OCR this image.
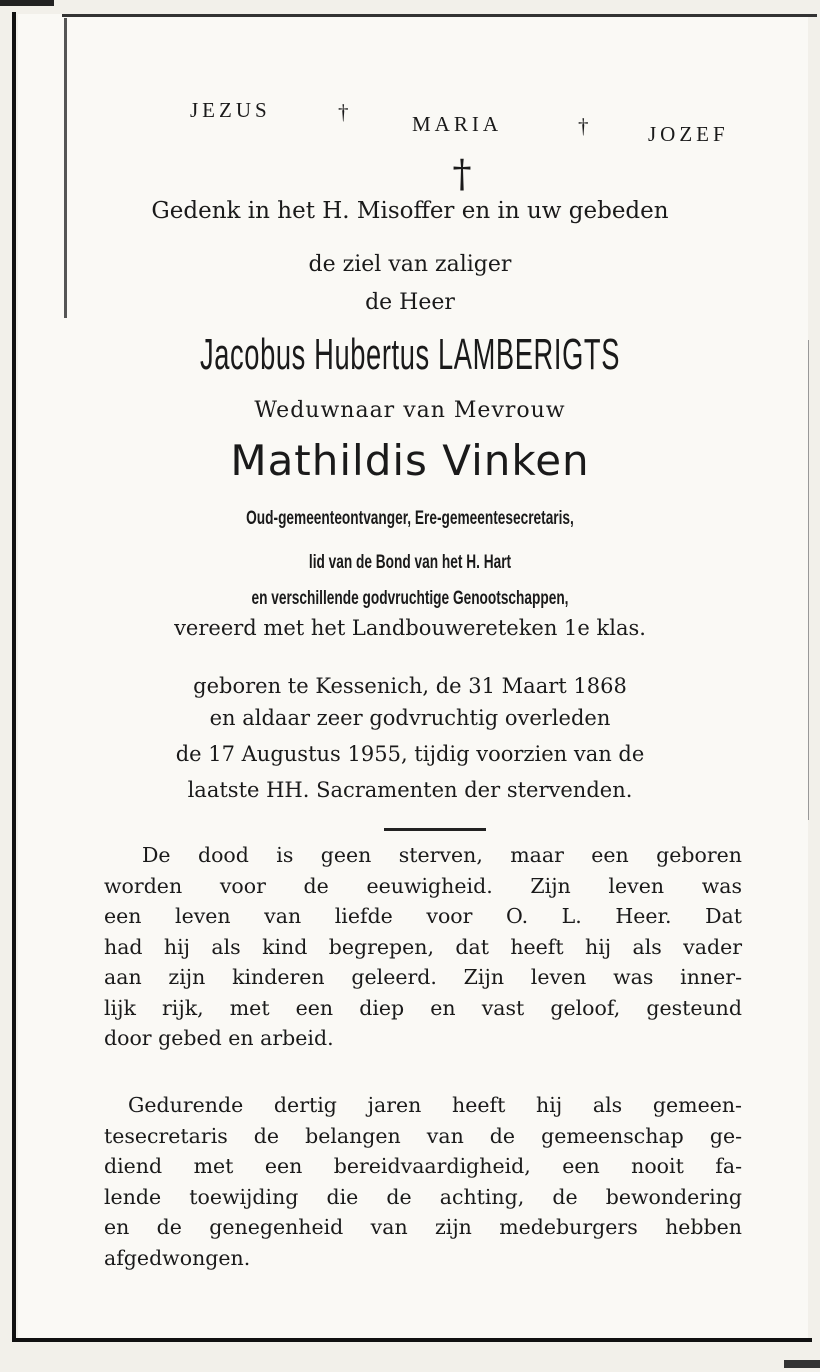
JEZUS	†	MARIA	†	JOZEF
†
Gedenk in het H. Misoffer en in uw gebeden
de ziel van zaliger
de Heer
Jacobus Hubertus LAMBERIGTS
Weduwnaar van Mevrouw
Mathildis Vinken
Oud-gemeenteontvanger, Ere-gemeentesecretaris,
lid van de Bond van het H. Hart
en verschillende godvruchtige Genootschappen,
vereerd met het Landbouwereteken 1e klas.
geboren te Kessenich, de 31 Maart 1868
en aldaar zeer godvruchtig overleden
de 17 Augustus 1955, tijdig voorzien van de
laatste HH. Sacramenten der stervenden.
De dood is geen sterven, maar een geboren
worden voor de eeuwigheid. Zijn leven was
een leven van liefde voor O. L. Heer. Dat
had hij als kind begrepen, dat heeft hij als vader
aan zijn kinderen geleerd. Zijn leven was inner-
lijk rijk, met een diep en vast geloof, gesteund
door gebed en arbeid.
Gedurende dertig jaren heeft hij als gemeen-
tesecretaris de belangen van de gemeenschap ge-
diend met een bereidvaardigheid, een nooit fa-
lende toewijding die de achting, de bewondering
en de genegenheid van zijn medeburgers hebben
afgedwongen.
